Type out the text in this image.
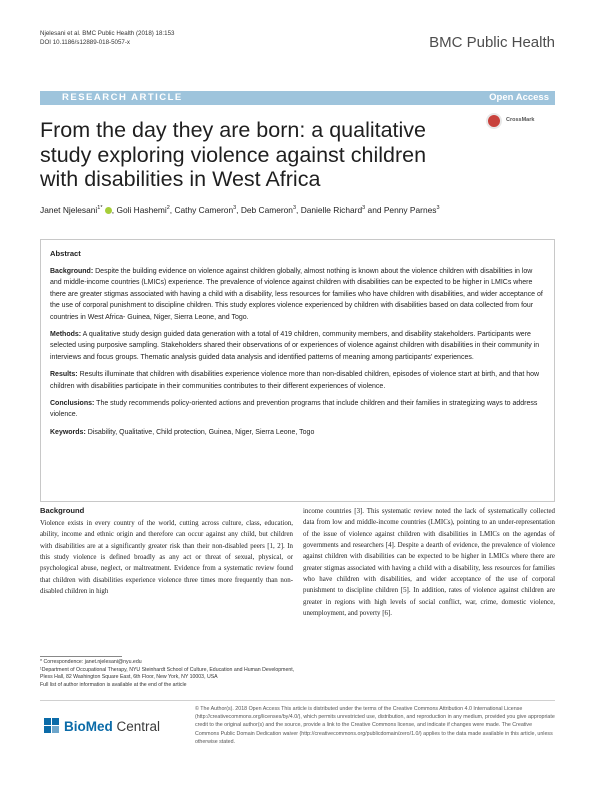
Njelesani et al. BMC Public Health (2018) 18:153
DOI 10.1186/s12889-018-5057-x	BMC Public Health
RESEARCH ARTICLE	Open Access
From the day they are born: a qualitative study exploring violence against children with disabilities in West Africa
CrossMark
Janet Njelesani$^{1*}$ , Goli Hashemi$^2$, Cathy Cameron$^3$, Deb Cameron$^3$, Danielle Richard$^3$ and Penny Parnes$^3$
Abstract

Background: Despite the building evidence on violence against children globally, almost nothing is known about the violence children with disabilities in low and middle-income countries (LMICs) experience. The prevalence of violence against children with disabilities can be expected to be higher in LMICs where there are greater stigmas associated with having a child with a disability, less resources for families who have children with disabilities, and wider acceptance of the use of corporal punishment to discipline children. This study explores violence experienced by children with disabilities based on data collected from four countries in West Africa- Guinea, Niger, Sierra Leone, and Togo.

Methods: A qualitative study design guided data generation with a total of 419 children, community members, and disability stakeholders. Participants were selected using purposive sampling. Stakeholders shared their observations of or experiences of violence against children with disabilities in their community in interviews and focus groups. Thematic analysis guided data analysis and identified patterns of meaning among participants' experiences.

Results: Results illuminate that children with disabilities experience violence more than non-disabled children, episodes of violence start at birth, and that how children with disabilities participate in their communities contributes to their different experiences of violence.

Conclusions: The study recommends policy-oriented actions and prevention programs that include children and their families in strategizing ways to address violence.

Keywords: Disability, Qualitative, Child protection, Guinea, Niger, Sierra Leone, Togo

Background

Violence exists in every country of the world, cutting across culture, class, education, ability, income and ethnic origin and therefore can occur against any child, but children with disabilities are at a significantly greater risk than their non-disabled peers [1, 2]. In this study violence is defined broadly as any act or threat of sexual, physical, or psychological abuse, neglect, or maltreatment. Evidence from a systematic review found that children with disabilities experience violence three times more frequently than non-disabled children in high

income countries [3]. This systematic review noted the lack of systematically collected data from low and middle-income countries (LMICs), pointing to an under-representation of the issue of violence against children with disabilities in LMICs on the agendas of governments and researchers [4]. Despite a dearth of evidence, the prevalence of violence against children with disabilities can be expected to be higher in LMICs where there are greater stigmas associated with having a child with a disability, less resources for families who have children with disabilities, and wider acceptance of the use of corporal punishment to discipline children [5]. In addition, rates of violence against children are greater in regions with high levels of social conflict, war, crime, domestic violence, unemployment, and poverty [6].

* Correspondence: janet.njelesani@nyu.edu
¹Department of Occupational Therapy, NYU Steinhardt School of Culture, Education and Human Development, Pless Hall, 82 Washington Square East, 6th Floor, New York, NY 10003, USA
Full list of author information is available at the end of the article
BioMed Central
© The Author(s). 2018 Open Access This article is distributed under the terms of the Creative Commons Attribution 4.0 International License (http://creativecommons.org/licenses/by/4.0/), which permits unrestricted use, distribution, and reproduction in any medium, provided you give appropriate credit to the original author(s) and the source, provide a link to the Creative Commons license, and indicate if changes were made. The Creative Commons Public Domain Dedication waiver (http://creativecommons.org/publicdomain/zero/1.0/) applies to the data made available in this article, unless otherwise stated.
